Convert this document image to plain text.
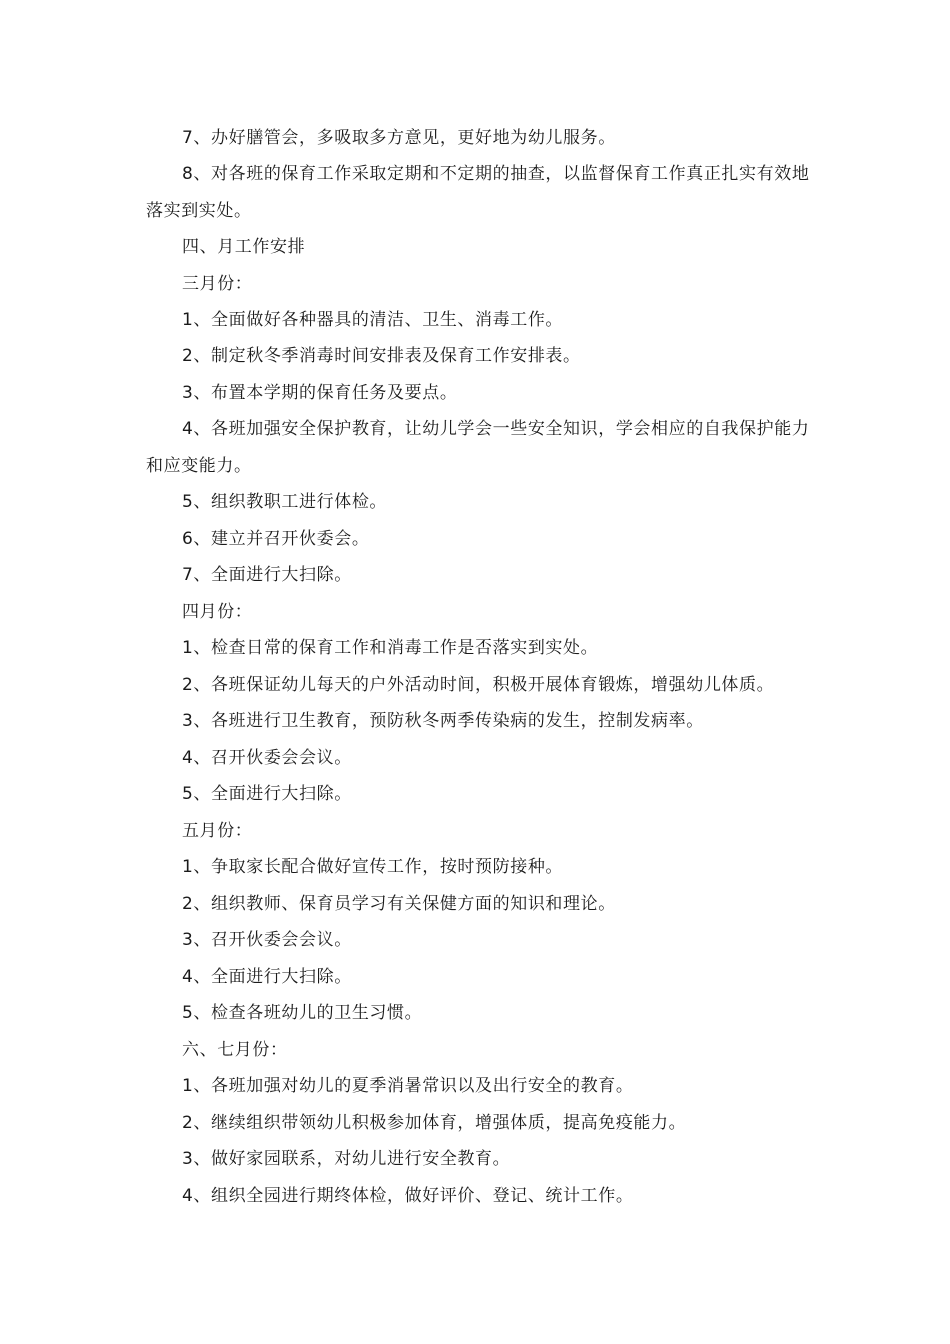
7、办好膳管会，多吸取多方意见，更好地为幼儿服务。

8、对各班的保育工作采取定期和不定期的抽查，以监督保育工作真正扎实有效地落实到实处。

四、月工作安排

三月份：

1、全面做好各种器具的清洁、卫生、消毒工作。

2、制定秋冬季消毒时间安排表及保育工作安排表。

3、布置本学期的保育任务及要点。

4、各班加强安全保护教育，让幼儿学会一些安全知识，学会相应的自我保护能力和应变能力。

5、组织教职工进行体检。

6、建立并召开伙委会。

7、全面进行大扫除。

四月份：

1、检查日常的保育工作和消毒工作是否落实到实处。

2、各班保证幼儿每天的户外活动时间，积极开展体育锻炼，增强幼儿体质。

3、各班进行卫生教育，预防秋冬两季传染病的发生，控制发病率。

4、召开伙委会会议。

5、全面进行大扫除。

五月份：

1、争取家长配合做好宣传工作，按时预防接种。

2、组织教师、保育员学习有关保健方面的知识和理论。

3、召开伙委会会议。

4、全面进行大扫除。

5、检查各班幼儿的卫生习惯。

六、七月份：

1、各班加强对幼儿的夏季消暑常识以及出行安全的教育。

2、继续组织带领幼儿积极参加体育，增强体质，提高免疫能力。

3、做好家园联系，对幼儿进行安全教育。

4、组织全园进行期终体检，做好评价、登记、统计工作。
